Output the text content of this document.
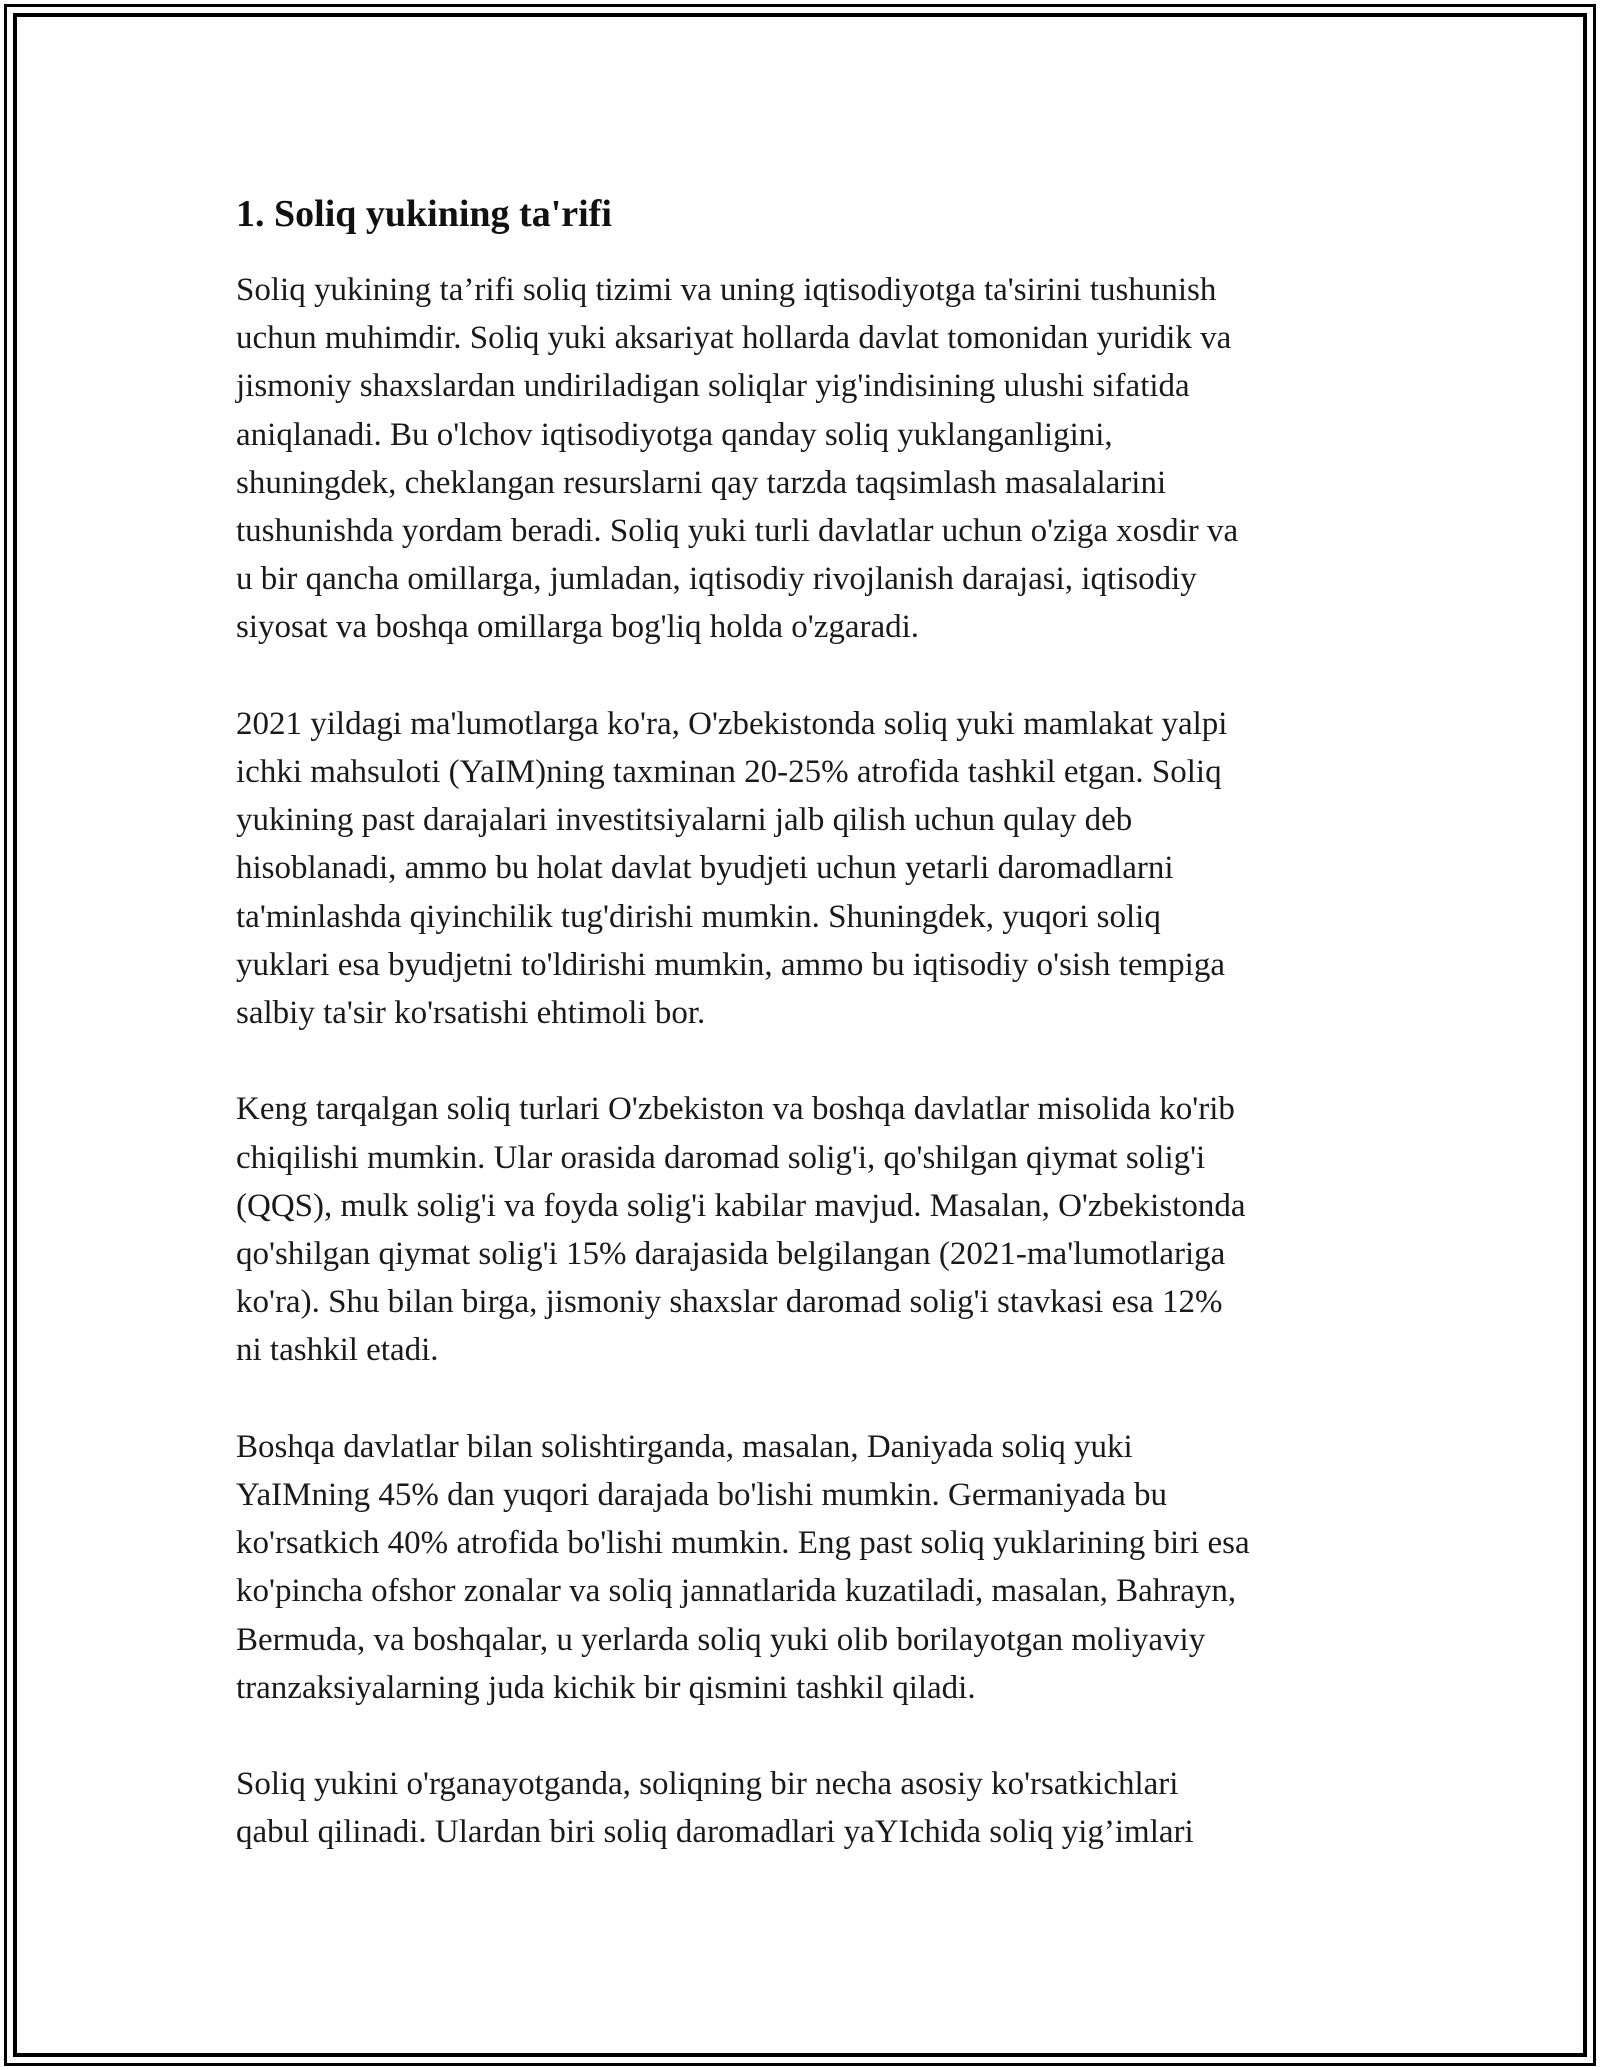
1. Soliq yukining ta'rifi

Soliq yukining ta’rifi soliq tizimi va uning iqtisodiyotga ta'sirini tushunish
uchun muhimdir. Soliq yuki aksariyat hollarda davlat tomonidan yuridik va
jismoniy shaxslardan undiriladigan soliqlar yig'indisining ulushi sifatida
aniqlanadi. Bu o'lchov iqtisodiyotga qanday soliq yuklanganligini,
shuningdek, cheklangan resurslarni qay tarzda taqsimlash masalalarini
tushunishda yordam beradi. Soliq yuki turli davlatlar uchun o'ziga xosdir va
u bir qancha omillarga, jumladan, iqtisodiy rivojlanish darajasi, iqtisodiy
siyosat va boshqa omillarga bog'liq holda o'zgaradi.

2021 yildagi ma'lumotlarga ko'ra, O'zbekistonda soliq yuki mamlakat yalpi
ichki mahsuloti (YaIM)ning taxminan 20-25% atrofida tashkil etgan. Soliq
yukining past darajalari investitsiyalarni jalb qilish uchun qulay deb
hisoblanadi, ammo bu holat davlat byudjeti uchun yetarli daromadlarni
ta'minlashda qiyinchilik tug'dirishi mumkin. Shuningdek, yuqori soliq
yuklari esa byudjetni to'ldirishi mumkin, ammo bu iqtisodiy o'sish tempiga
salbiy ta'sir ko'rsatishi ehtimoli bor.

Keng tarqalgan soliq turlari O'zbekiston va boshqa davlatlar misolida ko'rib
chiqilishi mumkin. Ular orasida daromad solig'i, qo'shilgan qiymat solig'i
(QQS), mulk solig'i va foyda solig'i kabilar mavjud. Masalan, O'zbekistonda
qo'shilgan qiymat solig'i 15% darajasida belgilangan (2021-ma'lumotlariga
ko'ra). Shu bilan birga, jismoniy shaxslar daromad solig'i stavkasi esa 12%
ni tashkil etadi.

Boshqa davlatlar bilan solishtirganda, masalan, Daniyada soliq yuki
YaIMning 45% dan yuqori darajada bo'lishi mumkin. Germaniyada bu
ko'rsatkich 40% atrofida bo'lishi mumkin. Eng past soliq yuklarining biri esa
ko'pincha ofshor zonalar va soliq jannatlarida kuzatiladi, masalan, Bahrayn,
Bermuda, va boshqalar, u yerlarda soliq yuki olib borilayotgan moliyaviy
tranzaksiyalarning juda kichik bir qismini tashkil qiladi.

Soliq yukini o'rganayotganda, soliqning bir necha asosiy ko'rsatkichlari
qabul qilinadi. Ulardan biri soliq daromadlari yaYIchida soliq yig’imlari
